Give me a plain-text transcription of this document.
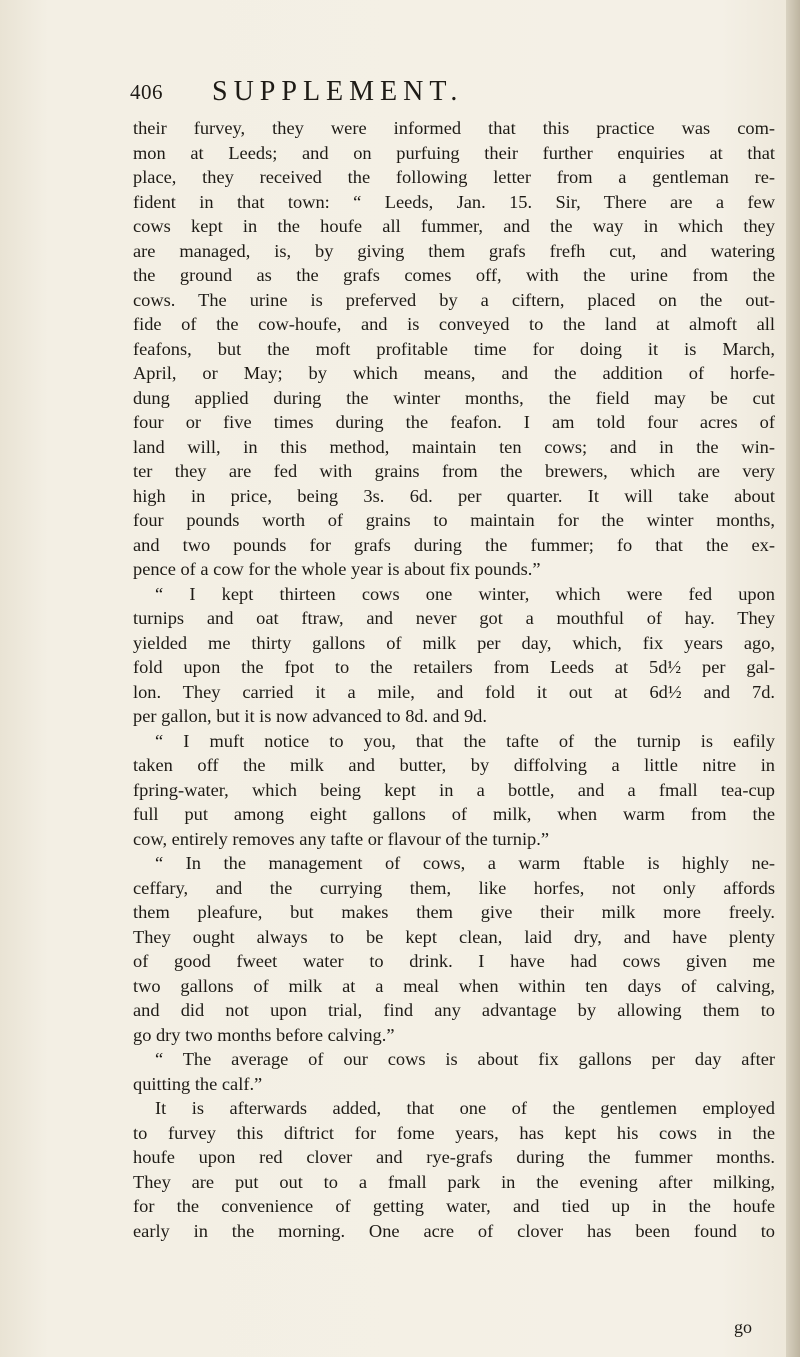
406 SUPPLEMENT.
their furvey, they were informed that this practice was com-
mon at Leeds; and on purfuing their further enquiries at that
place, they received the following letter from a gentleman re-
fident in that town: “ Leeds, Jan. 15. Sir, There are a few
cows kept in the houfe all fummer, and the way in which they
are managed, is, by giving them grafs frefh cut, and watering
the ground as the grafs comes off, with the urine from the
cows. The urine is preferved by a ciftern, placed on the out-
fide of the cow-houfe, and is conveyed to the land at almoft all
feafons, but the moft profitable time for doing it is March,
April, or May; by which means, and the addition of horfe-
dung applied during the winter months, the field may be cut
four or five times during the feafon. I am told four acres of
land will, in this method, maintain ten cows; and in the win-
ter they are fed with grains from the brewers, which are very
high in price, being 3s. 6d. per quarter. It will take about
four pounds worth of grains to maintain for the winter months,
and two pounds for grafs during the fummer; fo that the ex-
pence of a cow for the whole year is about fix pounds.”
“ I kept thirteen cows one winter, which were fed upon
turnips and oat ftraw, and never got a mouthful of hay. They
yielded me thirty gallons of milk per day, which, fix years ago,
fold upon the fpot to the retailers from Leeds at 5d½ per gal-
lon. They carried it a mile, and fold it out at 6d½ and 7d.
per gallon, but it is now advanced to 8d. and 9d.
“ I muft notice to you, that the tafte of the turnip is eafily
taken off the milk and butter, by diffolving a little nitre in
fpring-water, which being kept in a bottle, and a fmall tea-cup
full put among eight gallons of milk, when warm from the
cow, entirely removes any tafte or flavour of the turnip.”
“ In the management of cows, a warm ftable is highly ne-
ceffary, and the currying them, like horfes, not only affords
them pleafure, but makes them give their milk more freely.
They ought always to be kept clean, laid dry, and have plenty
of good fweet water to drink. I have had cows given me
two gallons of milk at a meal when within ten days of calving,
and did not upon trial, find any advantage by allowing them to
go dry two months before calving.”
“ The average of our cows is about fix gallons per day after
quitting the calf.”
It is afterwards added, that one of the gentlemen employed
to furvey this diftrict for fome years, has kept his cows in the
houfe upon red clover and rye-grafs during the fummer months.
They are put out to a fmall park in the evening after milking,
for the convenience of getting water, and tied up in the houfe
early in the morning. One acre of clover has been found to
go
